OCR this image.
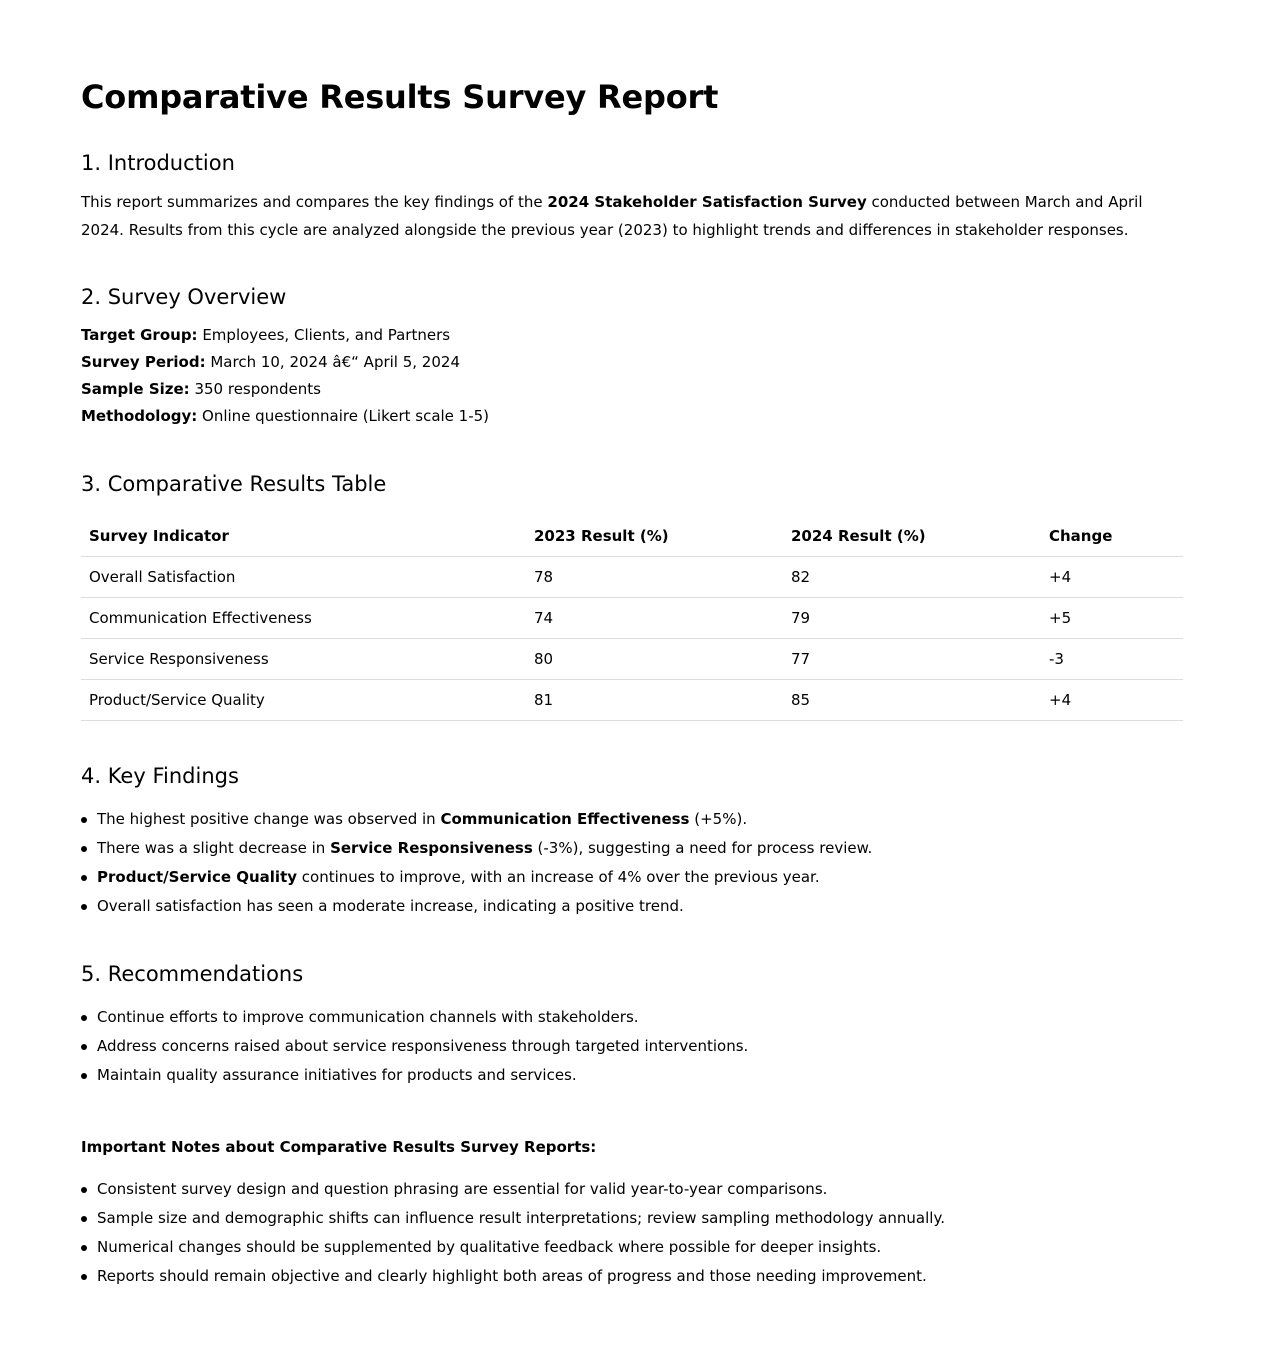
Comparative Results Survey Report
1. Introduction

This report summarizes and compares the key findings of the 2024 Stakeholder Satisfaction Survey conducted between March and April 2024. Results from this cycle are analyzed alongside the previous year (2023) to highlight trends and differences in stakeholder responses.

2. Survey Overview
Target Group: Employees, Clients, and Partners
Survey Period: March 10, 2024 â€“ April 5, 2024
Sample Size: 350 respondents
Methodology: Online questionnaire (Likert scale 1-5)
3. Comparative Results Table
Survey Indicator	2023 Result (%)	2024 Result (%)	Change
Overall Satisfaction	78	82	+4
Communication Effectiveness	74	79	+5
Service Responsiveness	80	77	-3
Product/Service Quality	81	85	+4
4. Key Findings
The highest positive change was observed in Communication Effectiveness (+5%).
There was a slight decrease in Service Responsiveness (-3%), suggesting a need for process review.
Product/Service Quality continues to improve, with an increase of 4% over the previous year.
Overall satisfaction has seen a moderate increase, indicating a positive trend.
5. Recommendations
Continue efforts to improve communication channels with stakeholders.
Address concerns raised about service responsiveness through targeted interventions.
Maintain quality assurance initiatives for products and services.

Important Notes about Comparative Results Survey Reports:

Consistent survey design and question phrasing are essential for valid year-to-year comparisons.
Sample size and demographic shifts can influence result interpretations; review sampling methodology annually.
Numerical changes should be supplemented by qualitative feedback where possible for deeper insights.
Reports should remain objective and clearly highlight both areas of progress and those needing improvement.
